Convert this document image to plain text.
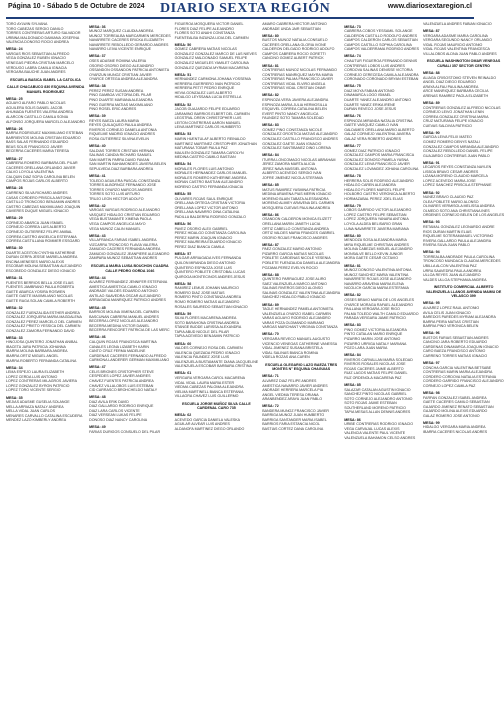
Página 10 - Sábado 5 de Octubre de 2024 DIARIO SEXTA REGIÓN	www.diariosextaregion.cl
TORO AYLWIN SYLVANA
TORO CABEZAS SERGIO DANILO
TORRES CONTRERAS ARTURO SALVADOR
URBINA MALDONADO DAMIANA JOSEFINA
VALENCIA DONOSO ROCIO ANDREA
MESA: 24
VARGAS RIOS SEBASTIAN ALFREDO
VEGA GONZALEZ RUBEN IGNACIO
VENEGAS PIEDRA CRISTIAN MARCELO
VERDUGO LABRA CAMILA IGNACIA
VERGARA BAUCHE JUAN ANDRES
ESCUELA BASICA ISABEL LA CATOLICA
CALLE CHACABUCO 830 ESQUINA AVENIDA MANUEL RODRIGUEZ
MESA: 25
AGUAYO ALFARO PABLO NICOLAS
AGUILERA SOLIS DANIEL JACOB
AHUMADA FUENTES VALERIA ANDREA
ALARCON CASTILLO CAMILA SONIA
ALFONSO JORQUERA MARCELO ALEJANDRO
MESA: 26
BARRA RODRIGUEZ MAXIMILIANO ESTEBAN
BARRIENTOS MOLINA CRISTIAN EDUARDO
BASS SALAS FERNANDO EDUARDO
BEAS SOLIS FRANCISCO JAVIER
BECERRA CACERES MARIA TERESA
MESA: 27
CABRERA ROMERO BARBARA DEL PILAR
CACERES ORELLANA ORLANDO JAVIER
CALVO LOYOLA VALENTINA
CALQUIN DIAZ SOFIA CAROLINA BELEN
CAMPOS ROJAS CARLOS ALBERTO
MESA: 28
CARRENO SILVA RICHARD ANDRES
CASAS CORDERO PRISCILA ANTONIA
CASTILLO TRONCOSO BENJAMIN ANDRES
CASTRO CABEZAS MAXIMILIANO JOAQUIN
CAVIERES DUQUE MIGUEL IGNACIO
MESA: 29
CORNEJO ABARCA JUAN ISMAEL
CORNEJO CORREA LUIS ALBERTO
CORNEJO GUTIERREZ FELIPE ANIBAL
CORREA CASTRO ANGELICA ESTEFANIA
CORREA CASTILLANA ROMMER ESSGARD
MESA: 30
DUARTE ACEITON CYNTHIA KATHERINE
DURAN CERPA JESSIE MARIELA ANDREA
ENCINA MENESES MARIO ALEXIS
ESCOBAR MOLINA SEBASTIAN ALEJANDRO
ESCOBEDO GONZALEZ DIEGO IGNACIO
MESA: 31
FUENTES BERRIOS BELLA JOSE ELIAS
FUENTES JAMBRANO PAULA ROBERTA
GAETE ABARCA YOSIRA ROSWEN
GAETE GAETE MAXIMILIANO NICOLAS
GAETE RAGA SOLAN CAMILA ROBERTH
MESA: 32
GONZALEZ FUENZALIDA ESTHER ANDREA
GONZALEZ JORQUERA MARIA MAGDALENA
GONZALEZ PEREZ MARCELO DEL CARMEN
GONZALEZ PRIETO YESSICA DEL CARMEN
GONZALEZ ZAMORA FERNANDO DAVID
MESA: 33
HINOJOSA QUINTERO JONATHAN ANIBAL
IBACETA JARA PATRICIA JOHANNA
IBARRA MOLINA BARBARA ANDREA
IBARRA ORTIZ MIGUEL ANGEL
IBARRA ROBERTO FERNANDA CATALINA
MESA: 34
LEMA ESPEJO LAURA ELIZABETH
LOPEZ CERDA LUIS ANTONIO
LOPEZ CONTRERAS MILAGROS JAVIERA
LOPEZ GONZALEZ BYRON PATRICIO
LOPEZ TORO VICENTE SERGIO
MESA: 35
MEJIAS ADASME GUSELIA SOLANGE
MELLA ARRIAZA NATALY ANDREA
MELLA VIDAL JUAN CARLOS
MENARES CARVALLO CATALINA ESCUDERA
MENDEZ LAZO KIMBERLY ANDREA
MESA: 36
MUNOZ MARQUEZ CLAUDIA ANDREA
MUNOZ TORREALBA MARCARMEN MERCEDES
NAVARRETE CACERES ERICKA ELIZABETH
NAVARRETE REBOLLEDO GERARDO ANDRES
NAVARRO LEIVA VICENTE ENRIQUE
MESA: 37
OSES ADASME ROMINA VALERIA
OSORIO OSORIO DIEGO ALEJANDRO
OSSANDON OSSANDON PATRICIA ANTONIETA
OYARZUN MUNOZ CRISTIAN JAVIER
OYARCE ORTEGA ANDREA ALEJANDRA
MESA: 38
PEREZ PEREZ SUSAN ANDREA
PINO GAMBOA VICTORIA DEL PILAR
PINO DUARTE MARIANA ALEJANDRA
PINO GUERRA MATIAS MAXIMILIANO
PINO ROSEL ERIC ANDRES
MESA: 39
REYES BAEZA LAURA MARIA
REYES QUILAQUEO PAULA ANDREA
RIVEROS CORNEJO DANIELA ANTONIA
RIQUELME MADRID IGNACIO ANDRES
ROSA GUTIERREZ SILVINA EVELIN
MESA: 40
SALDIAS TORRES CRISTIAN HERNAN
SALINAS CANDIA RICHARD SAMUEL
SAN MARTIN PARRA DAVID FAVIAN
SAN MARTIN BAHAMONDES JAVIERA BELEN
SEPULVEDA DIAZ BARBARA ANDREA
MESA: 41
TOLEDO AGUILERA PASCAL CONSTANZA
TORRES ALBORNOZ FERNANDO JOSE
TORRES OYARZO MARCOS ANDRES
TORRES SOTO LUIS ARTURO
TRUJO LEON HECTOR ADOLFO
MESA: 42
VARGAS VARGAS RODRIGO ALEJANDRO
VASQUEZ HIDALGO CRISTIAN EDUARDO
VEGA BUSTAMANTE XIMENA PAOLA
VEGA CAMPOS ANGELICA MAYO
VEGA MUNOZ CALIN MANUEL
MESA: 43
VILLAFRANCA FARIAS ISABEL ANDREA
VIZCARRA TRONCOSO FLAVIA VALERIA
ZAMUDIO CACERES FERNANDA ANDREA
ZAMUDIO GONZALEZ JEANPIERE ALEJANDRO
ZAMPARA MUNOZ SEBASTIAN ANDRES
ESCUELA MARIA LUISA BOUCHON CUADRA CALLE PEDRO GORDA 1046
MESA: 44
ALVAREZ FERNANDEZ JENNIFER ESTEFANIA
AMESTICA AMESTICA CAMILO IGNACIO
ANDRADE VALDES EDUARDO ANTONIO
ANTILAO SAAVEDRA OSCAR ALEJANDRO
ARRIAGADA MANRIQUEZ PATRICIO ANDRES
MESA: 45
BARRIOS MOLINA XIMENA DEL CARMEN
BASCUNAN CABRERA MANUEL ANDRES
BECERRA LOPEZ NICOLAS ALEJANDRO
BECERRA MEDINA VICTOR DANIEL
BECERRA RENCORET PATRICIA DE LAS MERC
MESA: 46
CALQUIN ROJAS FRANCISCA MARTINA
CANALES LEGNA LIZABETH KARIN
CANTO CRUZ FERMA MADELINE
CARDENAS CACERES FERNANDO ALFREDO
CARMONA LANDERER GERMAN MAXIMILIANO
MESA: 47
CELIS BRIONES CRISTOPHER STEVE
CESPEDES LOPEZ JAVIER ANDRES
CHAVEZ FUENTES PATRICIA ANDREA
CHAVEZ VILLALOBOS LUIS ESTEBAN
CID CARRASCO BROHCHELDO NATALY
MESA: 48
DIAZ AVILA ERIK DAVID
DIAZ GALLARDO RODRIGO ENRIQUE
DIAZ LARA CARLOS VICENTE
DIAZ VERSEAN LUKAS FELIPE
DONOSO DIAZ NANCY CAROLINA
MESA: 49
FARIAS DURIGOS CONSUELO DEL PILAR
FIGUEROA MOSQUERA VICTOR DANIEL
FLORES DIAZ FELIPE ALEJANDRO
FLORES SOTO ANAHI CONSTANZA
FUENTEALBA INZUNZA LIDIA DEL CARMEN
MESA: 50
GOMEZ CABRERA MATIAS NICOLAS
GONZALEZ GONZALEZ MARCO DE LAS NIEVES
GONZALEZ MALDONADO SAMUEL FELIPE
GONZALEZ MIGUELES YAMILET CAROLINA
GONZALEZ QUEZADA MYRIAM MACARENA
MESA: 51
HERNANDEZ CARMONA JOHANA YOSSENIA
HERRERA GUERRERO IVAN PATRICIO
HERRERA PETIT PEDRO ENRIQUE
HEVIA GONZALEZ LUIS ALBERTO
HIDALGO LEYSSANA LUCIA ESTRELLA
MESA: 52
JACOB GUAJARDO FELIPE EDUARDO
JARAMINO BARRIOS ELBERT DEL CARMEN
LEGSTRAL DREW CHRISTOPHER LUIS
LEITON CONTRERAS AARON MANUEL
LEIVA MARTINEZ CARLOS HUMBERTO
MESA: 53
MARIN HUENTULAF ALBERTO REINALDO
MARTINEZ MARTINEZ CRISTOPHER JONATHAN
MATURANA TOBAR PAULA PAZ
MAULEN GONZALEZ TAMARA CAROLYN
MEDINA CASTRO CAMILO BASTIAN
MESA: 54
MORALES FLORES LUIS ANTONIO
MORALES HERNANDEZ CARLOS MANUEL
MORALES ROMERO KATHERINE ANDREA
MORAN CASTRO BASTIAN ALEJANDRO
MORENO CASTRO FERNANDA IGNACIA
MESA: 55
OLIVARES ROJAS SAUL ENRIQUE
ORELLANA ORTEGA CRISTIAN VICTORIA
ORELLANA LOPEZ VICTOR ANTONIO
ORELLANA NAVARRO DINA CATALINA
PADILLA BALDERRA RODRIGO GONZALO
MESA: 56
PAVEZ OSORIO ALEX GABRIEL
PEREZ HIDALGO CONSTANZA CAROLINA
PEREZ MARIN JOAQUIN IGNACIO
PEREZ MAUREIRA EDUARDO IGNACIO
PEREZ DIAZ BIANCA CAMILA
MESA: 57
PULGAR ARRIAGADA IVES FERNANDA
QUILON MIRANDA DIEGO ANTONIO
QUINTERO ESPINOZA JOSE LUIS
QUINTERO POBLETE CRISTOBAL LUCAS
QUIROGA MONTECINOS ANDRES JESUS
MESA: 58
RAMIREZ LEMUS JOHANN MAURICIO
ROMERO DIAZ JOSE MATIAS
ROMERO PINTO CONSTANZA ANDREA
ROMO ROMERO MATIAS ALEJANDRO
ROSALES SAUREDO SEBASTIAN IGNACIO
MESA: 59
SILVA FLORES MACARENA ANDREA
SOTO BARAHONA CRISTINA ANDREA
STANGE BUDDE LARISSA ALEXANDRA
TAPIA ABUD NICOLE DEL PILAR
TAPIA ACEVEDO BENJAMIN PATRICIO
MESA: 60
VALDES CORNEJO ROSA DEL CARMEN
VALENCIA QUEZADA PEDRO IGNACIO
VALENCIA FAUNDEZ JOSE LUIS
VALENZUELA BUSTAMANTE DIANA JACQUELINE
VALENZUELA ESCOBAR BARBARA CRISTINA
MESA: 61
VERGARA VERGARA CAROL MACARENA
VIDAL VIDAL LAURA MARIA ESTER
VIEDMA CABEZAS PALOMA ALEJANDRA
VIELMA MARTINELL BIANCA ESTEFANIA
VILLAGRA CHAVEZ LUIS GUILLERMO
ESCUELA JORGE MUÑOZ SILVA CALLE CARDENAL CARO 735
MESA: 62
ACEVEDO GARCIA DANIELA VALESKA
AGUILAR ALVEAR LUIS ANDRES
ALDANOFA MARTINEZ DIEGO ORLANDO
AMARO CABRERA HECTOR ANTONIO
ANDRADE UNDA JAIR SEBASTIAN
MESA: 80
BUSTOS MUNOZ NATALIA CONSUELO
CACERES ORELLANA GLORIA IVONE
CALDERON DELGADO RODRIGO ADOLFO
CAMPOS CABRERA ROCIO GORETTI
CANCINO GOMEZ ALBERT PATRICK
MESA: 81
CONTRERAS MUNOZ NICOLAS FERNANDO
CONTRERAS MANRIQUEZ MAYRA MARIA
CONTRERAS PALMA FRANCISCO JAVIER
CONTRERAS VIDAL ELVIRO ANGELA
CONTRERAS VIDAL CRISTIAN OMAR
MESA: 82
ESPINOZA VERA JAVIERA ALEJANDRA
ESPINOZA MARIA JULIA HERMOSILLA
ESQUIVEL CORREA CATALINA BELEN
EVERT PINTO NANCY ANGELICA
FAUNDEZ SOTO TAMARA SOLEDAD
MESA: 83
GOMEZ PINO CONSTANZA NICOLE
GONZALEZ OROSTICA MATIAS ALEJANDRO
GONZALEZ CASTILLO FRANCISCO ANDRES
GONZALEZ GAETE JUAN IGNACIO
GONZALEZ SANTIBANEZ DINO LORENA
MESA: 84
ITURRA LONCOMAGO NICOLAS ABRAHAM
JEREZ ZAMORA MARTA ALICIA
JEREZ NAVA MASSIEL ANTONIA
ALBERTO ACEVEDO SERGIO IVAN
JOFRE JIMENEZ NICOLA STEFANIA
MESA: 85
MATUS RAMIREZ YASMINA PATRICIA
MEDINA ARAVENA PIAS MERIN IGNACIO
MORENO BLAIN TABATA ALESSANDRA
MORENO ALIMEY ARAVENA DEL CARMEN
MOSQUERA CUEVAS PAULINA ANDREA
MESA: 86
OSANDON CALDERON MONICA ELIZETT
ORELLANA MARIN JANETH LUCIA
ORTIZ CABELLO CONSTANZA ANDREA
ORTIZ VALDES MARIA FRANCES GABRIEL
OSORIO ROJAS FRANCISCO ANDRES
MESA: 87
PAEZ GONZALEZ MARIO ANTONIO
PIZARRO GARCIA MATIAS NICOLAS
POBLETE CARDENAS NICOLE YESENIA
POBLETE FUENZALIDA DANIELA ALEJANDRA
POZAMA PEREZ EVELYN ROCIO
MESA: 88
QUINTERO PARRAGUEZ JOSE ALIRO
SAEZ VALENZUELA MARCO ANTONIO
SALINAS RIVEROS DIEGO ALONSO
SALINAS GONZALEZ VALENTINA ALEJANDRA
SANCHEZ HIDALGO PABLO IGNACIO
MESA: 89
TAGLE HERNANDEZ PAMELA ANTONIETA
VALENZUELA OYARZO ISABEL CARMEN
VARAS AGUAYO RODRIGO ALEJANDRO
VARAS POZA OLDMANDO MARIANO
VARGAS MARCHANT VIRGINIA CONSTANZA
MESA: 70
VERGARA REVECO MANUEL AUGUSTO
VICENCIO VENEGAS CATHERINE VANESSA
VIDAL JIMENEZ SUSANA BRISTELA
VIDAL SALINAS BIANCA ROMINA
VIDELA ROZAS ANA CAREN
ESCUELA OLEGARIO LAZO BAEZA TRES MONTES N° ESQUINA CHAGUIAS
MESA: 71
ALVAREZ DIAZ FELIPE ANDRES
AMESTICA NAVARRO JAVIER ANDRES
ANDRADE HERRERA MARCELA PIA
ANGEL VIEDMA TERESA ORIANA
ARANBENDEZ ARAYA JUAN PABLO
MESA: 72
BANDERA MUNOZ FRANCISCO JAVIER
BARRIGA MUNOZ JUAN HUMBERTO
BARRIGA SANTANDER MARIA ISABEL
BARRIOS FARIA ESTANCIA NICOL
BASTIAS CORTEZ DANA CAROLINA
MESA: 73
CABRERA COBOS YESSAMIL SOLANGE
CALDERON CASTILLO RODOLFO ANDRES
CAMPOS CALDERON CARLOS SEBASTIAN
CAMPOS CASTILLO SOPHIA CAROLINA
CAMPOS VALDERRAMA RODRIGO ANDRES
MESA: 74
CHAUTUR FIGUEROA FERNANDO DENNIS
CONTRERAS LOBOS LUIS ANDRES
CORDOVA SALINAS DENISSE VICTORIA
CORNEJO CERECEDA CAMILA ALEJANDRA
CORONADO CORONADO BRYAN ESTEBAN
MESA: 75
DIAZ MOYA FABIAN ANTONIO
DINAMARCA LOGO ISMAEL
DUARTE YANEZ ALEJANDRO ANTONIO
DUARTE YANEZ ERIKA IRENE
DURAN REVECO JOSE JESUS
MESA: 76
ESPINOZA MIRANDA NATALIA CRISTINA
GAETE VASQUEZ CAMILO IVAN
GALDAMES ORELLANA MARIO ALBERTO
GALAZ CORNEJO VALENTINA JAVIERA
GALAZ VERA ROBERTO ANDRES
MESA: 77
GOMEZ DIAZ PATRICIO IGNACIO
GONZALEZ CAMPOS MARIA FRANCISCA
GONZALEZ DONOSO PAMELA YASNA
GONZALEZ LEIVA FRANCISCO JAVIER
GONZALEZ LOVANDEZ JOHANA CAROLINA
MESA: 78
HERRERA SOLIS RODRIGO ALEJANDRO
HIDALGO CAREN ALEJANDRA
HIDALGO FLORES MARCEL FELIPE
HOLBORO CASTRO VERONICA ALBERTO
HORMAZABAL PEREZ JOEL ELIAS
MESA: 79
LOBOS GARRIDO VICTOR ALEJANDRO
LOPEZ CASTRO FELIPE SEBASTIAN
LOPEZ JORQUERA YANARA ANTONIA
LOYOLA ALDEA BELISARIO GRAN
LUNA NAVARRETE JAVIERA MARIANA
MESA: 80
MENDOZA SOSA ALEJANDRA MARIA
MIRA RIQUELME CHRISTIAN ANDRES
MOLINA CABEZAS MIGUEL ALEJANDRO
MONSALVE BELLO KEVIN JUNIOR
MORA GAETE CESAR OCTAVIO
MESA: 81
MUNOZ DONOSO VALENTINA ANTONIA
MUNOZ SANCHEZ MARIA VALENTINA
NAVARRETE ROJAS JOSE ALEJANDRO
NAVARRO ARAVENA MARIA ELENA
NICOLICH GARCIA MARIA ESTEFANIA
MESA: 82
OSSES BRAVO MARIA DE LOS ANGELES
OYARCE MORAGA RAFAEL ALEJANDRO
PAILLANA VERGARA JOSE RIGO
PALMA TOLEDO WALTH CAMILO EDUARDO
PARADA VERGARA JAMIE PATRICIO
MESA: 83
PINO GOMEZ VICTORIA ALEJANDRA
PINTO CATALAN MARIO ENRIQUE
PIZARRO MARIN JOSE ANTONIO
PIZARRO URRIGA NATALY MARIANA
POZO LARA JUAN MARIA
MESA: 84
RIVEROS CARVALLAN MARIA SOLEDAD
RIVEROS ROSALES NICOLAS JOSE
ROJAS CACERES JAIME ALBERTO
RUIZ LAGOS MATIAS FELIPE DANIEL
RUZ ORDENOLA MACARENA PAZ
MESA: 85
SALAZAR CATALAN AGUSTIN IGNACIO
SANCHEZ PINTO NICOLAS GABRIEL
SOTO CORNEJO ALEJANDRO ANTONIO
SOTO ROJAS JAIME ESTEBAN
SOUTHERLAND MORENO PATRICIO
TAPIA MESAS ALLAN DENNIS ANDRES
MESA: 86
URIBE CONTRERAS RODRIGO IGNACIO
VEGA CARVAJAL LUCAS ALEXIS
VALENCIA VALENTE PAUL VICENTE
VALENZUELA BAHAMON CELSO ANDRES
VALENZUELA ANDRES FABIAN IGNACIO
MESA: 87
VERGARA ADASME MARIA CAROLINA
VERGARA SEGUNDO NANCY ORLANDO
VIDAL ROJAS MAURICIO ANTONIO
VIDAL ROJAS VALENTINA FRANCESCA
VILLALOBOS ALDNA JUAN PABLO ANDRES
ESCUELA WASHINGTON OMAR VENEGAS CURALI 357 SECTOR CENTRO
MESA: 88
ALIAGA CRISOSTOMO STEVEN REINALDO
ANGEL DIAZ DIEGO EDUARDO
ARAYA ALFAU PAULINA ANDREA
ARCE MANRIQUEZ BARBARA CECILIA
ARENAS RAMIREZ PAOLA ELIZABETH
MESA: 89
CONTRERAS GONZALEZ ALFREDO NICOLAS
CORNEJO LEIVO JONATHAN LENIN
CORREA GONZALEZ CRISTINA MARIA
CRUZ MATURANA FELIPE IGNACIO
CUEVAS SALDIVIA PATRICIO
MESA: 90
GARCIA LEIVA FELIX MATEO
GOMEZ ROMERO DENYS NATALI
GONZALEZ CAMPOS MIRANDA ALEJANDRO
GONZALEZ REBOLLEDO DANIEL FELIPE
GUAJARDO CONTRERAS JUAN PABLO
MESA: 91
LECAROS REYES CONSTANZA NAYLEN
LISBOA BRAVO CESAR ANDRES
LIZANA MORENO CLAUDIO MARCELA
LOPEZ ACEVEDO MARIA JOSE
LOPEZ SANCHEZ PRISCILA STEPHANIE
MESA: 92
NUNEZ BRAVO CLAUDIO PAZ
OLEA POBLETE MARIO ALONSO
OLIVARES VERMISOLA MELISSA ANDREA
OLMEDO SOTO ANA CHRISTIANA INES
ORDENES CORNEJO BELEN DE LOS ANGELES
MESA: 93
RETAMAL GONZALEZ LEONARDO ANDRE
RIOS DURAN MARTIN ELIAS
RIQUELME SOTERAMANUEL VICTORINO
RIVERA GALLARDO PAULA ALEJANDRA
RIVERA SILVA JUAN PABLO
MESA: 94
TORREALBA ANDRADE PAULA CAROLINA
TRONCOSO MUNDACA CLAUDIA MERCEDES
UBILLA ALCON VALENTINA PAZ
URRA SAAVEDRA PAULA ANDREA
ULLOA REYES JUAN ALEJANDRO
VALDES ULLOA STEPHANIA ANDREA
INSTITUTO COMERCIAL ALBERTO VALENZUELA LLANOS AVENIDA MAIMU DE VELASCO 399
MESA: 95
ALVAREZ LOPEZ RAUL ANTONIO
AVILA CELIS JUAN IGNACIO
BAREDOS PAREDES MYRIAM ALEJANDRA
BARRA PEIRA MATIAS CRISTIAN
BARRIA PINO VERONICA BELEN
MESA: 96
BUSTOS FARIAS SEBASTIAN ANDRES
CANCINO JARA ROBERTO EDUARDO
CARDENAS DINAMARCA JOAQUIN IGNACIO
CARO BAEZA FRANCISCO ANTONIO
CARRENO TORRES MATIAS IGNACIO
MESA: 97
CONCHA GARCIA VALENTINA BETSABE
CONTRERAS MARIN MARIA ALEJANDRA
CORDERO CORDOVA NATALIA ESTEFANIA
CORDERO GARRIDO FRANCISCO ALEJANDRO
CORNEJO LOPEZ CAMILA PAZ
MESA: 98
FARFAN GONZALEZ ISABEL ANDREA
GAETE CACERES CAMILO SEBASTIAN
GAJARDO JIMENEZ RENATO SEBASTIAN
GAJARDO MOLINA ALEXIS EDUARDO
GALAZ ROMERO JOSE ANTONIO
MESA: 99
HIDALGO VERGARA MARIA ANDREA
IBARRA CACERES NICOLAS ANDRES
